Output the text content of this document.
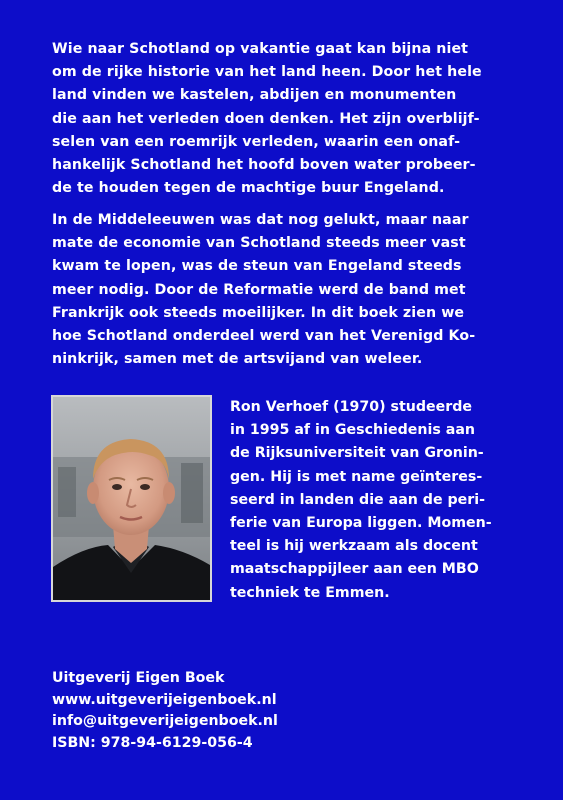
Wie naar Schotland op vakantie gaat kan bijna niet
om de rijke historie van het land heen. Door het hele
land vinden we kastelen, abdijen en monumenten
die aan het verleden doen denken. Het zijn overblijf-
selen van een roemrijk verleden, waarin een onaf-
hankelijk Schotland het hoofd boven water probeer-
de te houden tegen de machtige buur Engeland.

In de Middeleeuwen was dat nog gelukt, maar naar
mate de economie van Schotland steeds meer vast
kwam te lopen, was de steun van Engeland steeds
meer nodig. Door de Reformatie werd de band met
Frankrijk ook steeds moeilijker. In dit boek zien we
hoe Schotland onderdeel werd van het Verenigd Ko-
ninkrijk, samen met de artsvijand van weleer.

Ron Verhoef (1970) studeerde
in 1995 af in Geschiedenis aan
de Rijksuniversiteit van Gronin-
gen. Hij is met name geïnteres-
seerd in landen die aan de peri-
ferie van Europa liggen. Momen-
teel is hij werkzaam als docent
maatschappijleer aan een MBO
techniek te Emmen.

Uitgeverij Eigen Boek
www.uitgeverijeigenboek.nl
info@uitgeverijeigenboek.nl
ISBN: 978-94-6129-056-4
